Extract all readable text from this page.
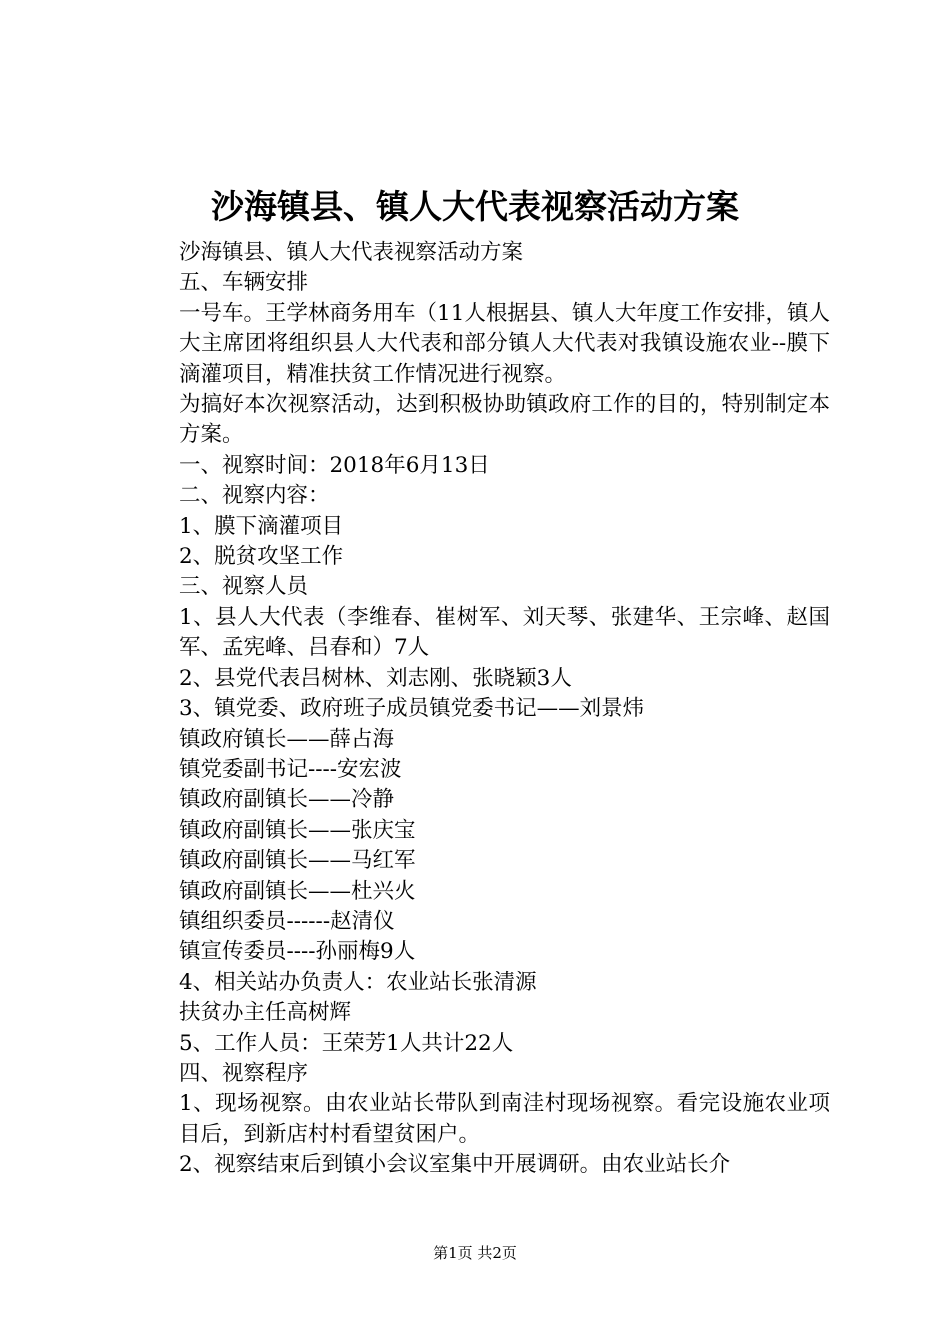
沙海镇县、镇人大代表视察活动方案

沙海镇县、镇人大代表视察活动方案

五、车辆安排

一号车。王学林商务用车（11人根据县、镇人大年度工作安排，镇人大主席团将组织县人大代表和部分镇人大代表对我镇设施农业--膜下滴灌项目，精准扶贫工作情况进行视察。

为搞好本次视察活动，达到积极协助镇政府工作的目的，特别制定本方案。

一、视察时间：2018年6月13日

二、视察内容：

1、膜下滴灌项目

2、脱贫攻坚工作

三、视察人员

1、县人大代表（李维春、崔树军、刘天琴、张建华、王宗峰、赵国军、孟宪峰、吕春和）7人

2、县党代表吕树林、刘志刚、张晓颖3人

3、镇党委、政府班子成员镇党委书记——刘景炜

镇政府镇长——薛占海

镇党委副书记----安宏波

镇政府副镇长——冷静

镇政府副镇长——张庆宝

镇政府副镇长——马红军

镇政府副镇长——杜兴火

镇组织委员------赵清仪

镇宣传委员----孙丽梅9人

4、相关站办负责人：农业站长张清源

扶贫办主任高树辉

5、工作人员：王荣芳1人共计22人

四、视察程序

1、现场视察。由农业站长带队到南洼村现场视察。看完设施农业项目后，到新店村村看望贫困户。

2、视察结束后到镇小会议室集中开展调研。由农业站长介

第1页 共2页
